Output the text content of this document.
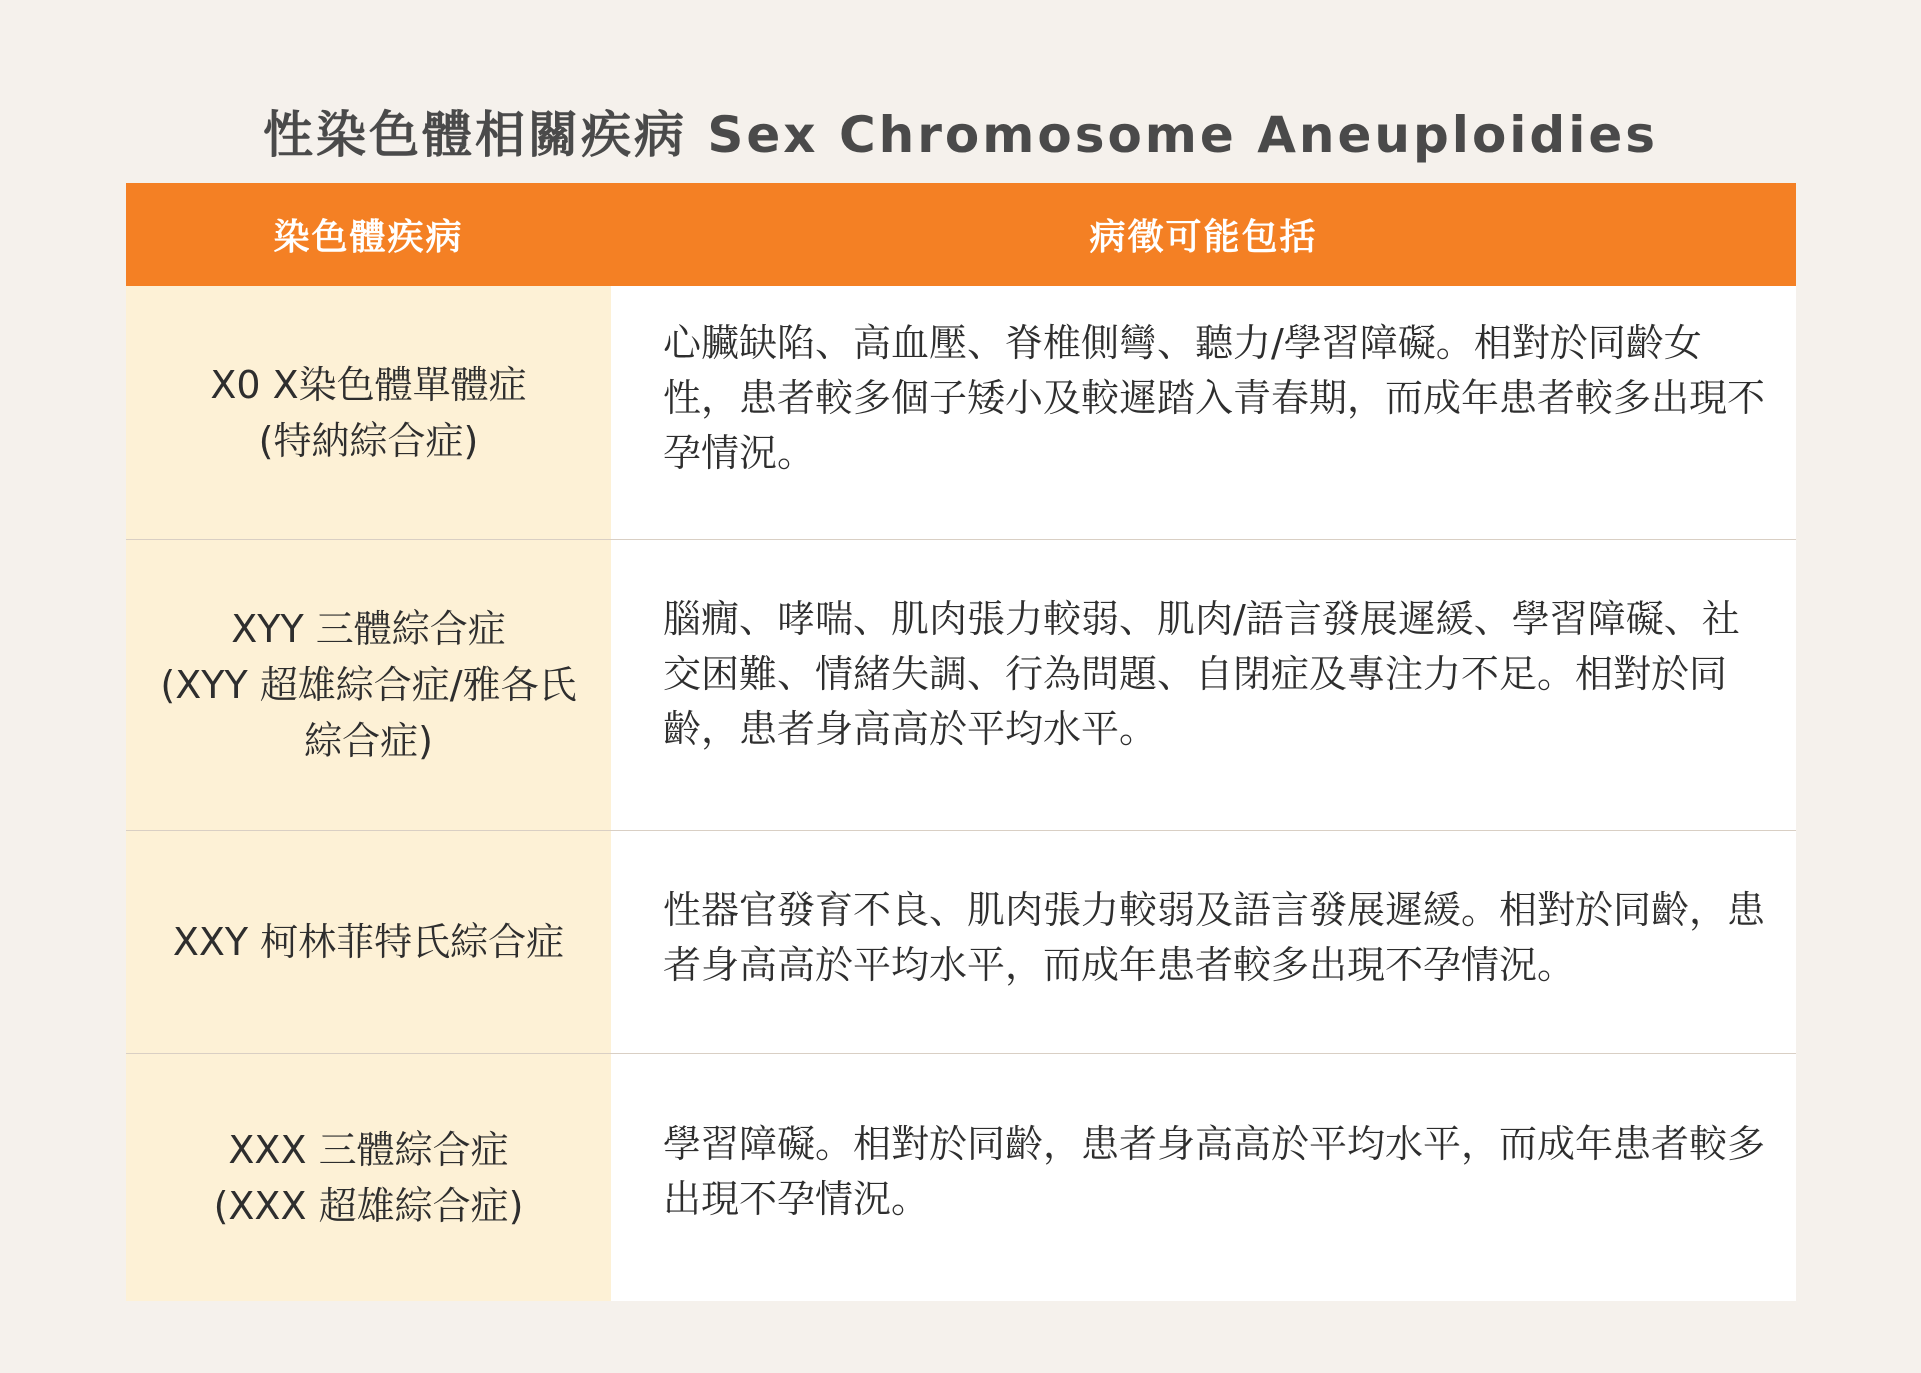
性染色體相關疾病 Sex Chromosome Aneuploidies
染色體疾病	病徵可能包括
X0 X染色體單體症
(特納綜合症)
心臟缺陷、高血壓、脊椎側彎、聽力/學習障礙。相對於同齡女性，患者較多個子矮小及較遲踏入青春期，而成年患者較多出現不孕情況。
XYY 三體綜合症
(XYY 超雄綜合症/雅各氏綜合症)
腦癇、哮喘、肌肉張力較弱、肌肉/語言發展遲緩、學習障礙、社交困難、情緒失調、行為問題、自閉症及專注力不足。相對於同齡，患者身高高於平均水平。
XXY 柯林菲特氏綜合症
性器官發育不良、肌肉張力較弱及語言發展遲緩。相對於同齡，患者身高高於平均水平，而成年患者較多出現不孕情況。
XXX 三體綜合症
(XXX 超雄綜合症)
學習障礙。相對於同齡，患者身高高於平均水平，而成年患者較多出現不孕情況。
